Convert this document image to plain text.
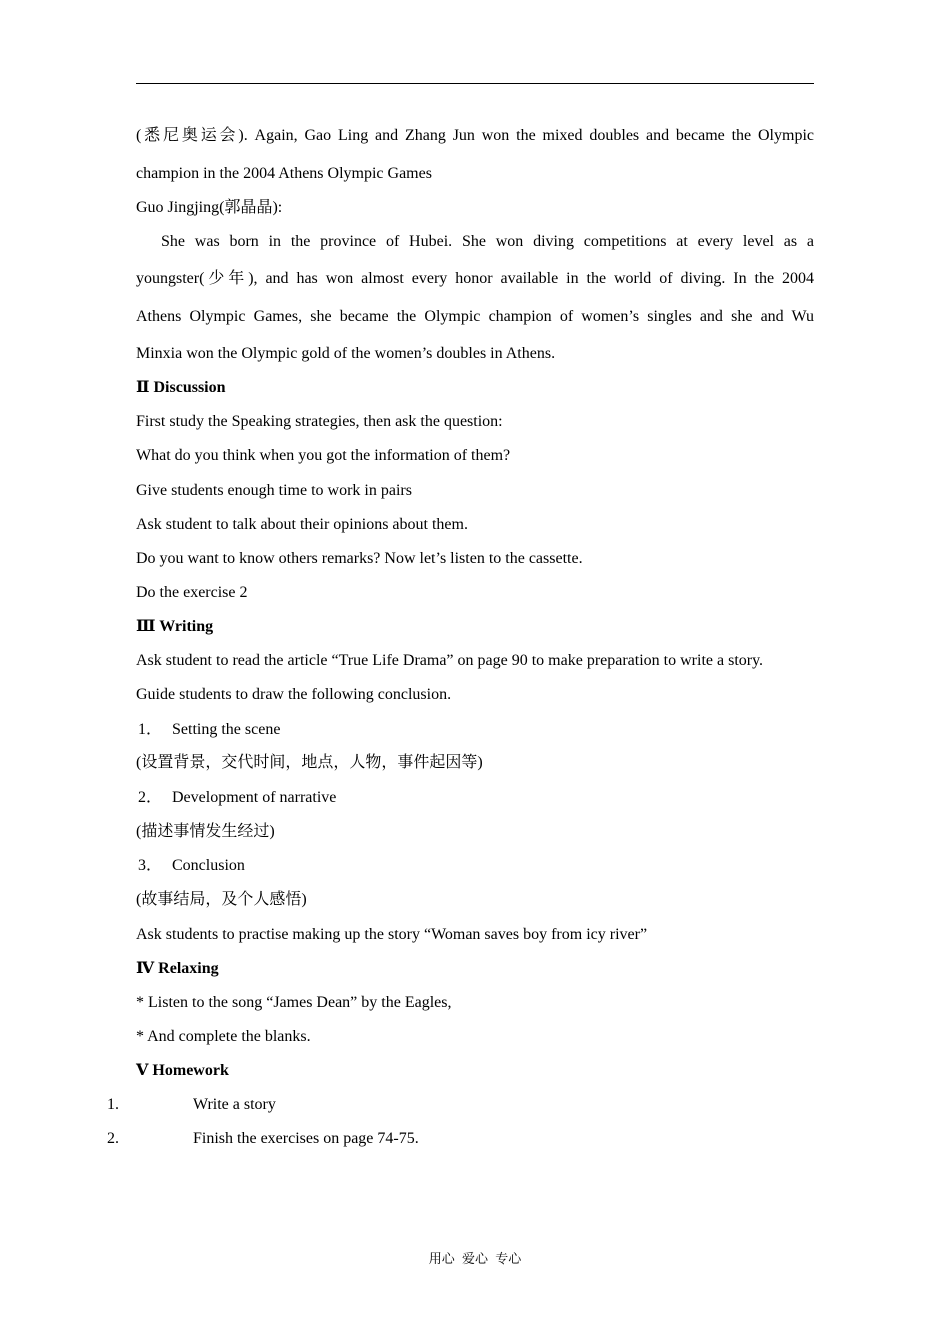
(悉尼奥运会). Again, Gao Ling and Zhang Jun won the mixed doubles and became the Olympic
champion in the 2004 Athens Olympic Games
Guo Jingjing(郭晶晶):
She was born in the province of Hubei. She won diving competitions at every level as a
youngster(少年), and has won almost every honor available in the world of diving. In the 2004
Athens Olympic Games, she became the Olympic champion of women’s singles and she and Wu
Minxia won the Olympic gold of the women’s doubles in Athens.
Ⅱ Discussion
First study the Speaking strategies, then ask the question:
What do you think when you got the information of them?
Give students enough time to work in pairs
Ask student to talk about their opinions about them.
Do you want to know others remarks? Now let’s listen to the cassette.
Do the exercise 2
Ⅲ Writing
Ask student to read the article “True Life Drama” on page 90 to make preparation to write a story.
Guide students to draw the following conclusion.
1． Setting the scene
(设置背景，交代时间，地点，人物，事件起因等)
2． Development of narrative
(描述事情发生经过)
3． Conclusion
(故事结局，及个人感悟)
Ask students to practise making up the story “Woman saves boy from icy river”
Ⅳ Relaxing
* Listen to the song “James Dean” by the Eagles,
* And complete the blanks.
Ⅴ Homework
1.	Write a story
2.	Finish the exercises on page 74-75.
用心 爱心 专心
